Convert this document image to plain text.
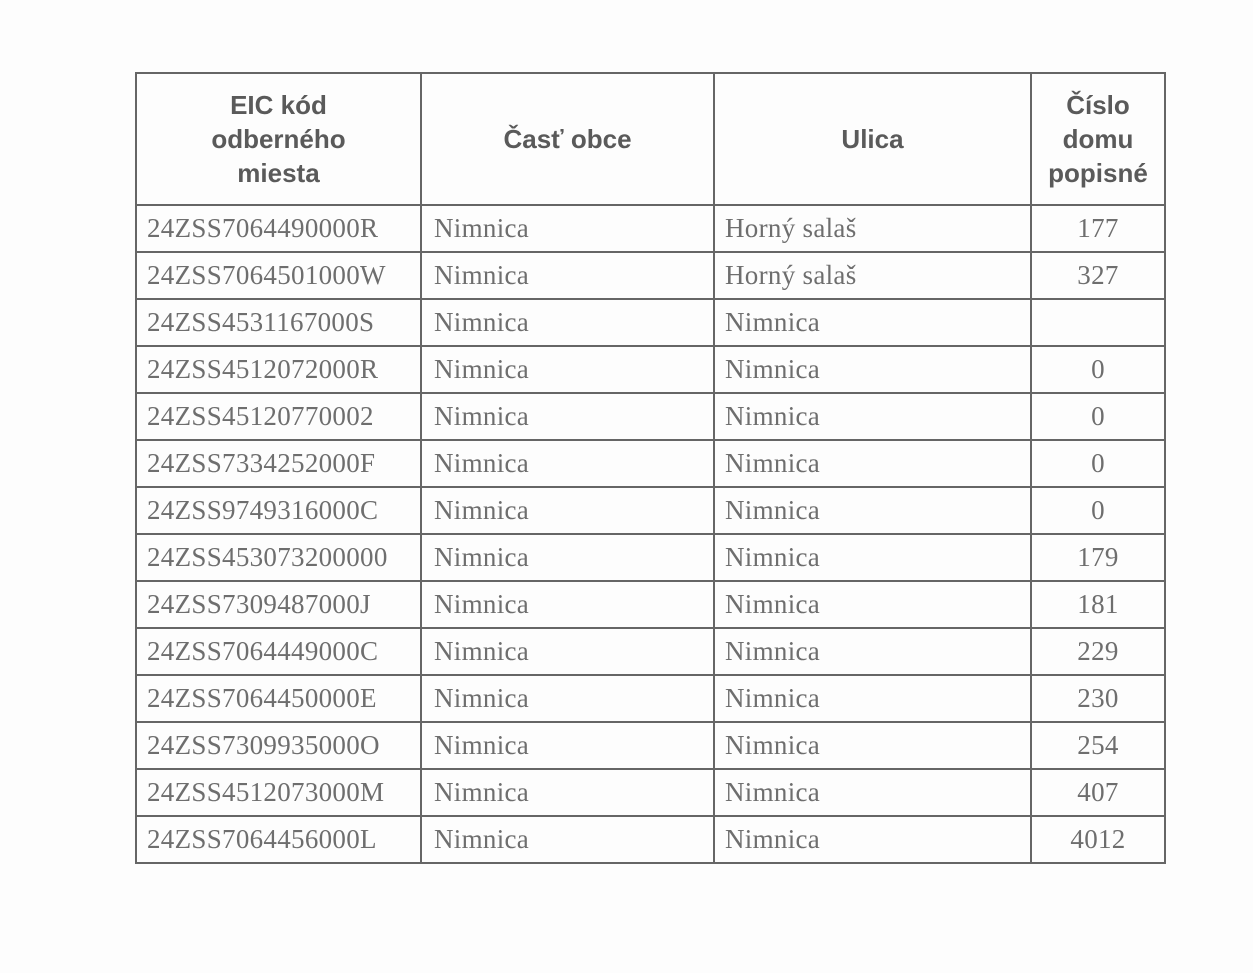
EIC kód
odberného
miesta	Časť obce	Ulica	Číslo
domu
popisné

24ZSS7064490000R	Nimnica	Horný salaš	177
24ZSS7064501000W	Nimnica	Horný salaš	327
24ZSS4531167000S	Nimnica	Nimnica	
24ZSS4512072000R	Nimnica	Nimnica	0
24ZSS45120770002	Nimnica	Nimnica	0
24ZSS7334252000F	Nimnica	Nimnica	0
24ZSS9749316000C	Nimnica	Nimnica	0
24ZSS453073200000	Nimnica	Nimnica	179
24ZSS7309487000J	Nimnica	Nimnica	181
24ZSS7064449000C	Nimnica	Nimnica	229
24ZSS7064450000E	Nimnica	Nimnica	230
24ZSS7309935000O	Nimnica	Nimnica	254
24ZSS4512073000M	Nimnica	Nimnica	407
24ZSS7064456000L	Nimnica	Nimnica	4012
